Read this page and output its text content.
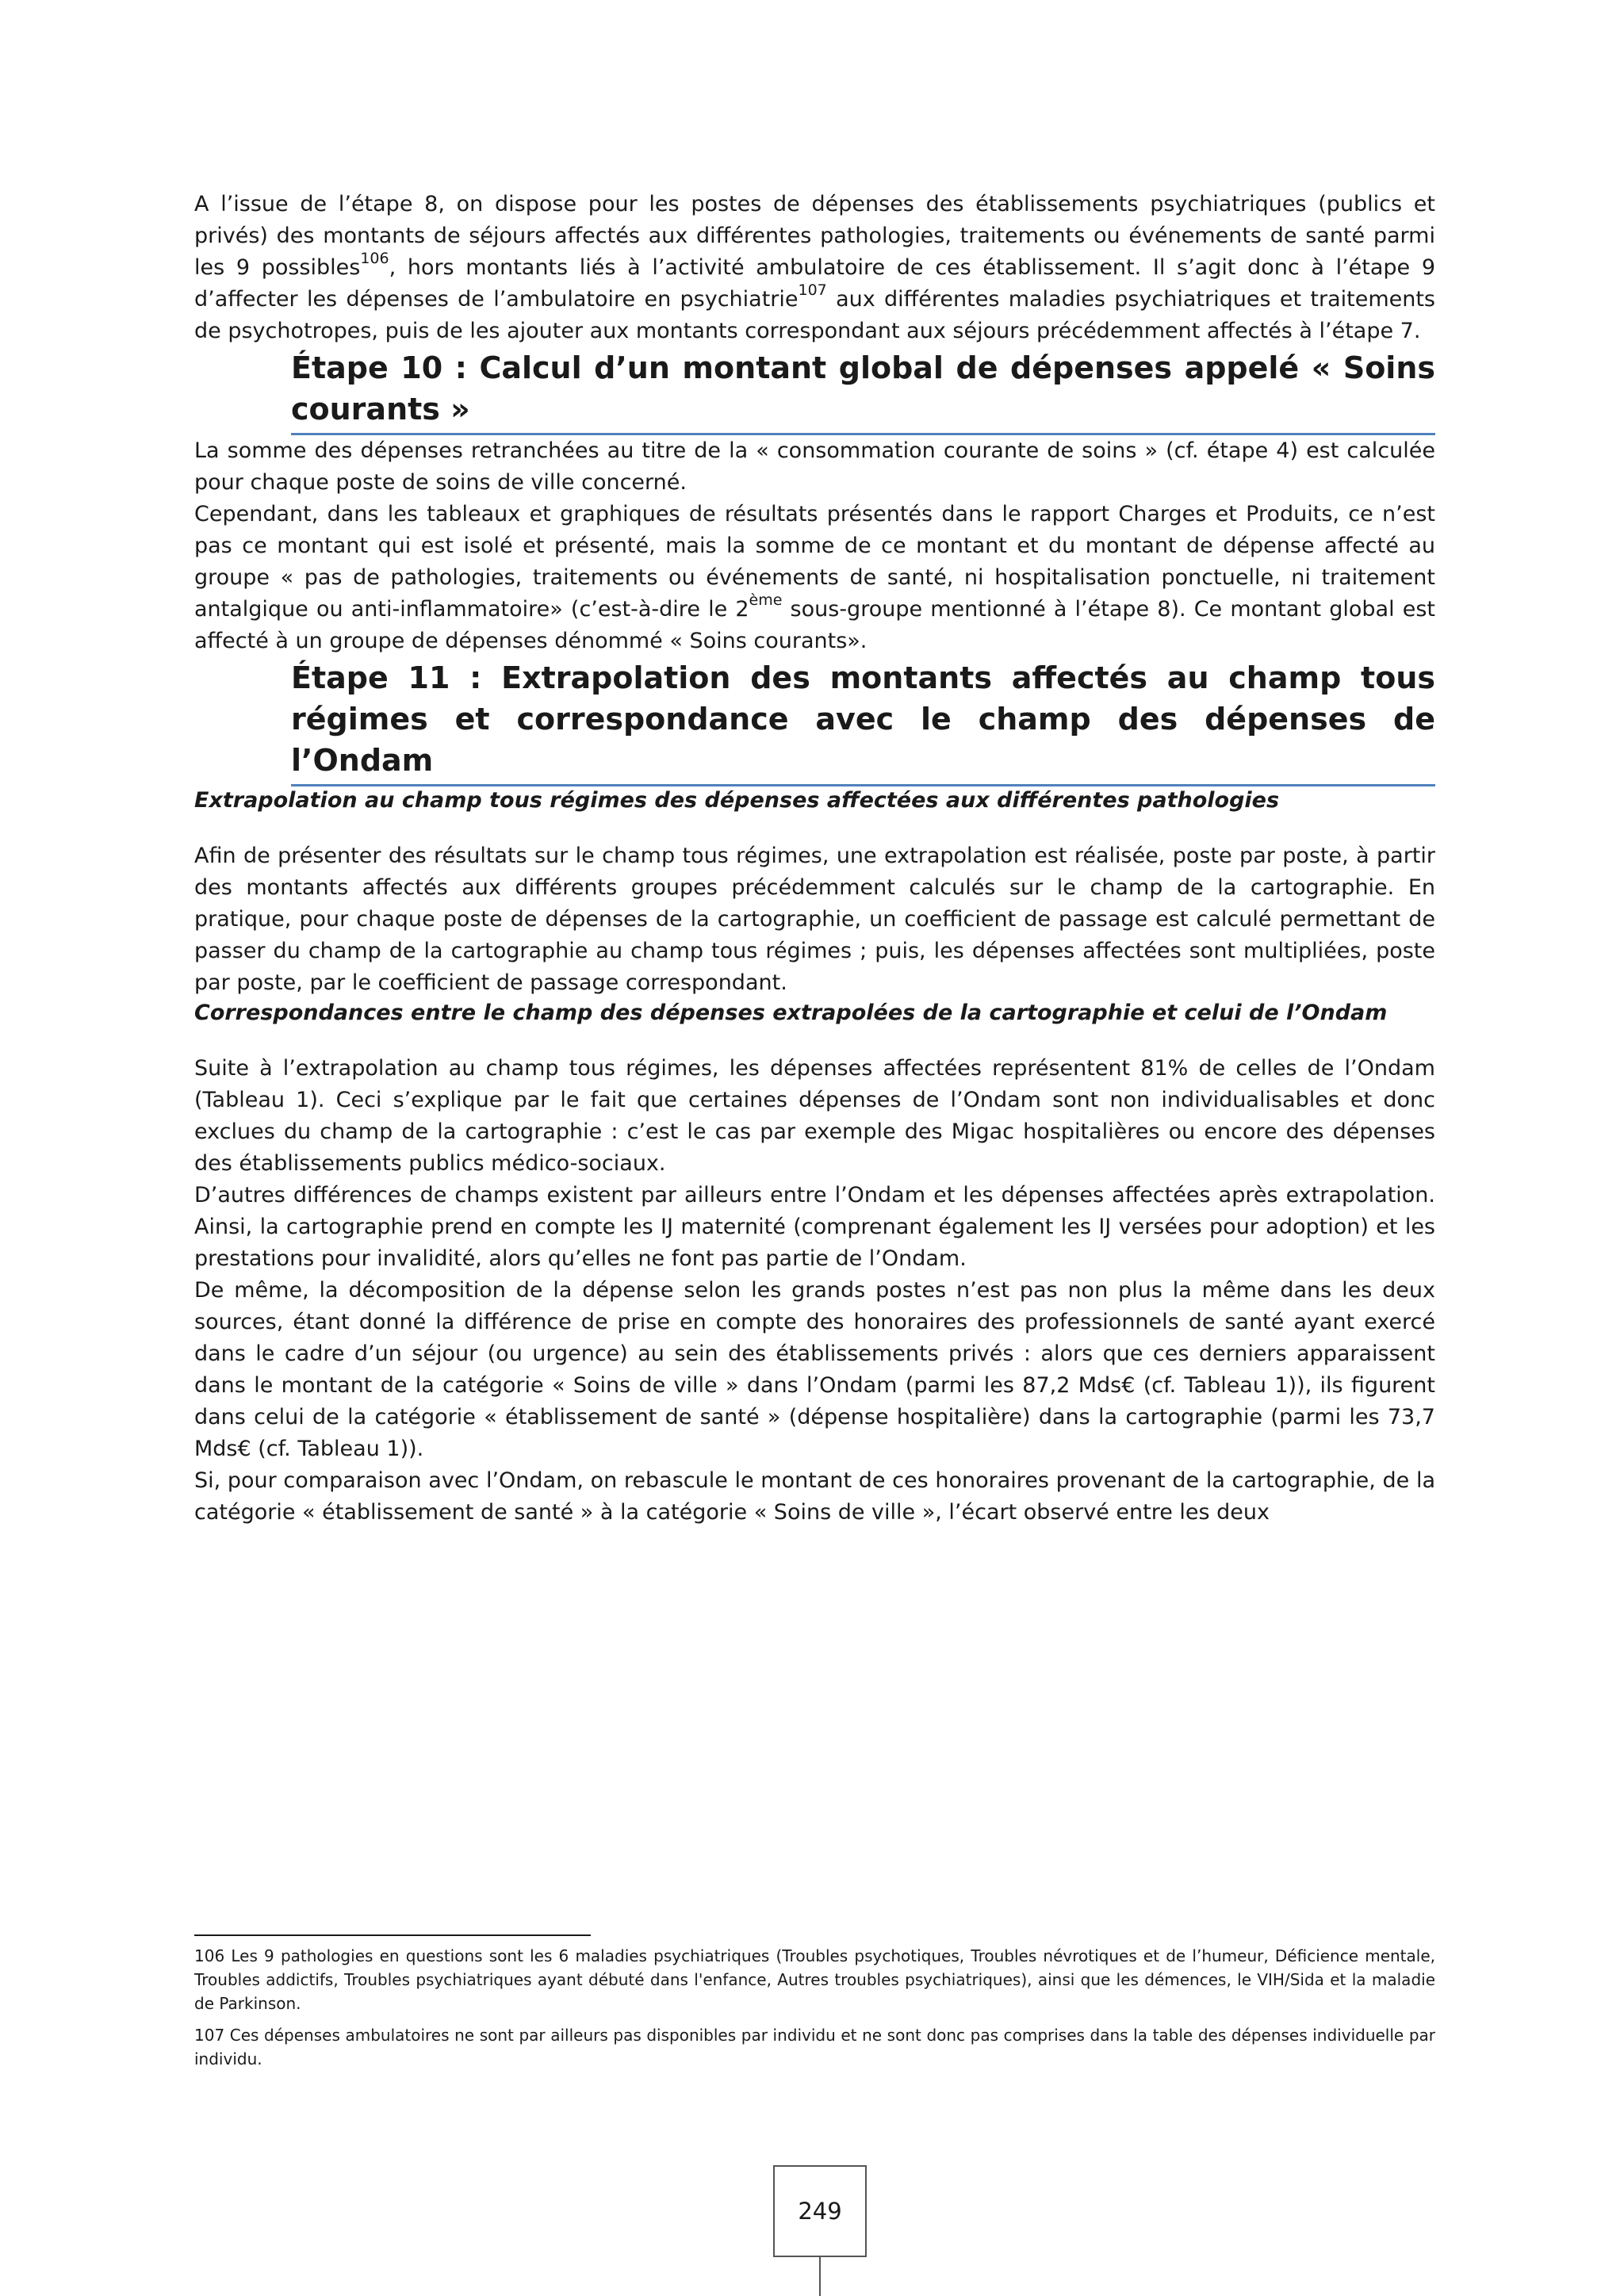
A l’issue de l’étape 8, on dispose pour les postes de dépenses des établissements psychiatriques (publics et privés) des montants de séjours affectés aux différentes pathologies, traitements ou événements de santé parmi les 9 possibles$^{106}$, hors montants liés à l’activité ambulatoire de ces établissement. Il s’agit donc à l’étape 9 d’affecter les dépenses de l’ambulatoire en psychiatrie$^{107}$ aux différentes maladies psychiatriques et traitements de psychotropes, puis de les ajouter aux montants correspondant aux séjours précédemment affectés à l’étape 7.

Étape 10 : Calcul d’un montant global de dépenses appelé « Soins courants »

La somme des dépenses retranchées au titre de la « consommation courante de soins » (cf. étape 4) est calculée pour chaque poste de soins de ville concerné.

Cependant, dans les tableaux et graphiques de résultats présentés dans le rapport Charges et Produits, ce n’est pas ce montant qui est isolé et présenté, mais la somme de ce montant et du montant de dépense affecté au groupe « pas de pathologies, traitements ou événements de santé, ni hospitalisation ponctuelle, ni traitement antalgique ou anti-inflammatoire» (c’est-à-dire le 2ème sous-groupe mentionné à l’étape 8). Ce montant global est affecté à un groupe de dépenses dénommé « Soins courants».

Étape 11 : Extrapolation des montants affectés au champ tous régimes et correspondance avec le champ des dépenses de l’Ondam
Extrapolation au champ tous régimes des dépenses affectées aux différentes pathologies

Afin de présenter des résultats sur le champ tous régimes, une extrapolation est réalisée, poste par poste, à partir des montants affectés aux différents groupes précédemment calculés sur le champ de la cartographie. En pratique, pour chaque poste de dépenses de la cartographie, un coefficient de passage est calculé permettant de passer du champ de la cartographie au champ tous régimes ; puis, les dépenses affectées sont multipliées, poste par poste, par le coefficient de passage correspondant.

Correspondances entre le champ des dépenses extrapolées de la cartographie et celui de l’Ondam

Suite à l’extrapolation au champ tous régimes, les dépenses affectées représentent 81% de celles de l’Ondam (Tableau 1). Ceci s’explique par le fait que certaines dépenses de l’Ondam sont non individualisables et donc exclues du champ de la cartographie : c’est le cas par exemple des Migac hospitalières ou encore des dépenses des établissements publics médico-sociaux.

D’autres différences de champs existent par ailleurs entre l’Ondam et les dépenses affectées après extrapolation. Ainsi, la cartographie prend en compte les IJ maternité (comprenant également les IJ versées pour adoption) et les prestations pour invalidité, alors qu’elles ne font pas partie de l’Ondam.

De même, la décomposition de la dépense selon les grands postes n’est pas non plus la même dans les deux sources, étant donné la différence de prise en compte des honoraires des professionnels de santé ayant exercé dans le cadre d’un séjour (ou urgence) au sein des établissements privés : alors que ces derniers apparaissent dans le montant de la catégorie « Soins de ville » dans l’Ondam (parmi les 87,2 Mds€ (cf. Tableau 1)), ils figurent dans celui de la catégorie « établissement de santé » (dépense hospitalière) dans la cartographie (parmi les 73,7 Mds€ (cf. Tableau 1)).

Si, pour comparaison avec l’Ondam, on rebascule le montant de ces honoraires provenant de la cartographie, de la catégorie « établissement de santé » à la catégorie « Soins de ville », l’écart observé entre les deux

106 Les 9 pathologies en questions sont les 6 maladies psychiatriques (Troubles psychotiques, Troubles névrotiques et de l’humeur, Déficience mentale, Troubles addictifs, Troubles psychiatriques ayant débuté dans l'enfance, Autres troubles psychiatriques), ainsi que les démences, le VIH/Sida et la maladie de Parkinson.

107 Ces dépenses ambulatoires ne sont par ailleurs pas disponibles par individu et ne sont donc pas comprises dans la table des dépenses individuelle par individu.

249
